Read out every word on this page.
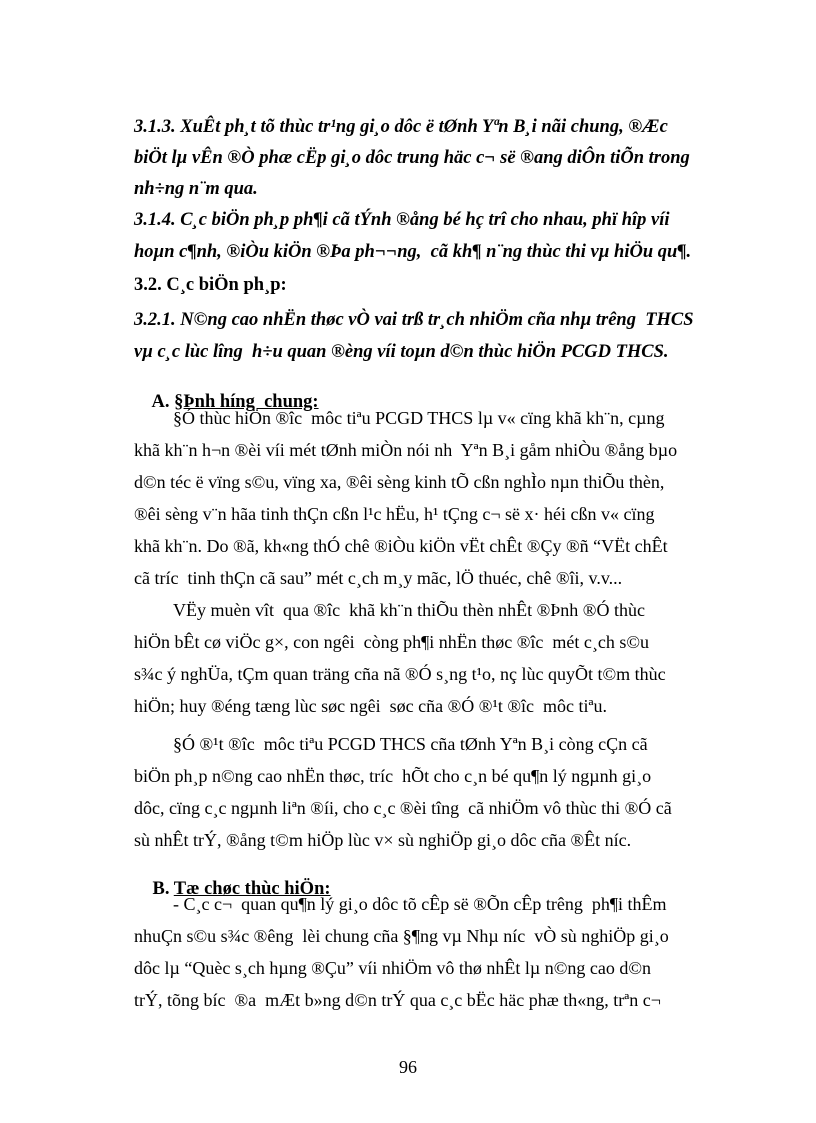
3.1.3. XuÊt ph¸t tõ thùc tr¹ng gi¸o dôc ë tØnh Yªn B¸i nãi chung, ®Æc
biÖt lµ vÊn ®Ò phæ cËp gi¸o dôc trung häc c¬ së ®ang diÔn tiÕn trong
nh÷ng n¨m qua.
3.1.4. C¸c biÖn ph¸p ph¶i cã tÝnh ®ång bé hç trî cho nhau, phï hîp víi
hoµn c¶nh, ®iÒu kiÖn ®Þa ph¬¬ng,  cã kh¶ n¨ng thùc thi vµ hiÖu qu¶.
3.2. C¸c biÖn ph¸p:
3.2.1. N©ng cao nhËn thøc vÒ vai trß tr¸ch nhiÖm cña nhµ trêng  THCS
vµ c¸c lùc lîng  h÷u quan ®èng víi toµn d©n thùc hiÖn PCGD THCS.

A. §Þnh híng  chung:

§Ó thùc hiÖn ®îc  môc tiªu PCGD THCS lµ v« cïng khã kh¨n, cµng
khã kh¨n h¬n ®èi víi mét tØnh miÒn nói nh  Yªn B¸i gåm nhiÒu ®ång bµo
d©n téc ë vïng s©u, vïng xa, ®êi sèng kinh tÕ cßn nghÌo nµn thiÕu thèn,
®êi sèng v¨n hãa tinh thÇn cßn l¹c hËu, h¹ tÇng c¬ së x· héi cßn v« cïng
khã kh¨n. Do ®ã, kh«ng thÓ chê ®iÒu kiÖn vËt chÊt ®Çy ®ñ “VËt chÊt
cã tríc  tinh thÇn cã sau” mét c¸ch m¸y mãc, lÖ thuéc, chê ®îi, v.v...
VËy muèn vît  qua ®îc  khã kh¨n thiÕu thèn nhÊt ®Þnh ®Ó thùc
hiÖn bÊt cø viÖc g×, con ngêi  còng ph¶i nhËn thøc ®îc  mét c¸ch s©u
s¾c ý nghÜa, tÇm quan träng cña nã ®Ó s¸ng t¹o, nç lùc quyÕt t©m thùc
hiÖn; huy ®éng tæng lùc søc ngêi  søc cña ®Ó ®¹t ®îc  môc tiªu.
§Ó ®¹t ®îc  môc tiªu PCGD THCS cña tØnh Yªn B¸i còng cÇn cã
biÖn ph¸p n©ng cao nhËn thøc, tríc  hÕt cho c¸n bé qu¶n lý ngµnh gi¸o
dôc, cïng c¸c ngµnh liªn ®íi, cho c¸c ®èi tîng  cã nhiÖm vô thùc thi ®Ó cã
sù nhÊt trÝ, ®ång t©m hiÖp lùc v× sù nghiÖp gi¸o dôc cña ®Êt níc.

B. Tæ chøc thùc hiÖn:

- C¸c c¬  quan qu¶n lý gi¸o dôc tõ cÊp së ®Õn cÊp trêng  ph¶i thÊm
nhuÇn s©u s¾c ®êng  lèi chung cña §¶ng vµ Nhµ níc  vÒ sù nghiÖp gi¸o
dôc lµ “Quèc s¸ch hµng ®Çu” víi nhiÖm vô thø nhÊt lµ n©ng cao d©n
trÝ, tõng bíc  ®a  mÆt b»ng d©n trÝ qua c¸c bËc häc phæ th«ng, trªn c¬
96
